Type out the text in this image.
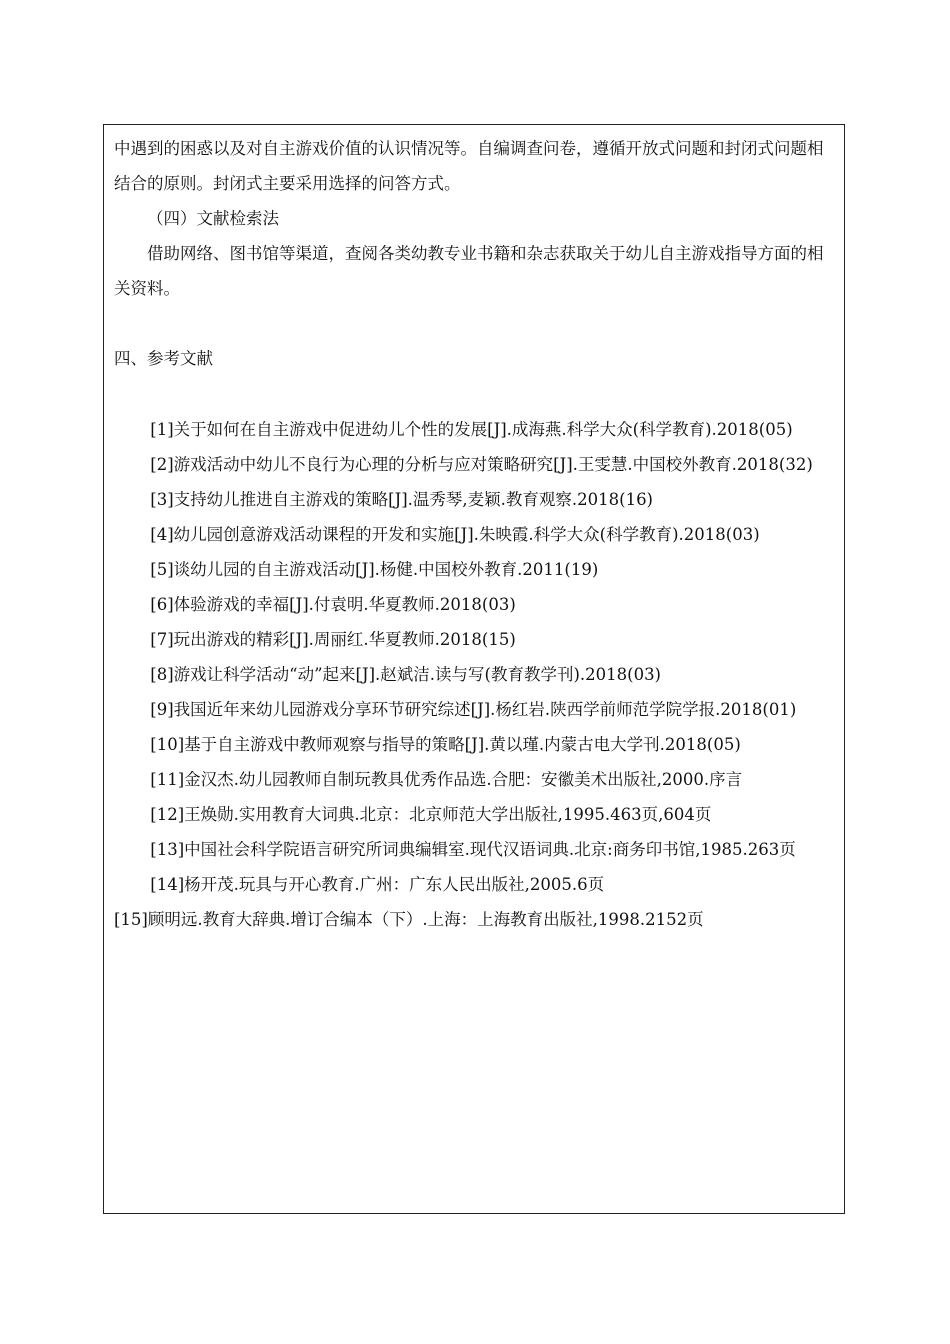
中遇到的困惑以及对自主游戏价值的认识情况等。自编调查问卷，遵循开放式问题和封闭式问题相结合的原则。封闭式主要采用选择的问答方式。

（四）文献检索法

借助网络、图书馆等渠道，查阅各类幼教专业书籍和杂志获取关于幼儿自主游戏指导方面的相关资料。

四、参考文献

[1]关于如何在自主游戏中促进幼儿个性的发展[J].成海燕.科学大众(科学教育).2018(05)

[2]游戏活动中幼儿不良行为心理的分析与应对策略研究[J].王雯慧.中国校外教育.2018(32)

[3]支持幼儿推进自主游戏的策略[J].温秀琴,麦颖.教育观察.2018(16)

[4]幼儿园创意游戏活动课程的开发和实施[J].朱映霞.科学大众(科学教育).2018(03)

[5]谈幼儿园的自主游戏活动[J].杨健.中国校外教育.2011(19)

[6]体验游戏的幸福[J].付袁明.华夏教师.2018(03)

[7]玩出游戏的精彩[J].周丽红.华夏教师.2018(15)

[8]游戏让科学活动“动”起来[J].赵斌洁.读与写(教育教学刊).2018(03)

[9]我国近年来幼儿园游戏分享环节研究综述[J].杨红岩.陕西学前师范学院学报.2018(01)

[10]基于自主游戏中教师观察与指导的策略[J].黄以瑾.内蒙古电大学刊.2018(05)

[11]金汉杰.幼儿园教师自制玩教具优秀作品选.合肥：安徽美术出版社,2000.序言

[12]王焕勋.实用教育大词典.北京：北京师范大学出版社,1995.463页,604页

[13]中国社会科学院语言研究所词典编辑室.现代汉语词典.北京:商务印书馆,1985.263页

[14]杨开茂.玩具与开心教育.广州：广东人民出版社,2005.6页

[15]顾明远.教育大辞典.增订合编本（下）.上海：上海教育出版社,1998.2152页
